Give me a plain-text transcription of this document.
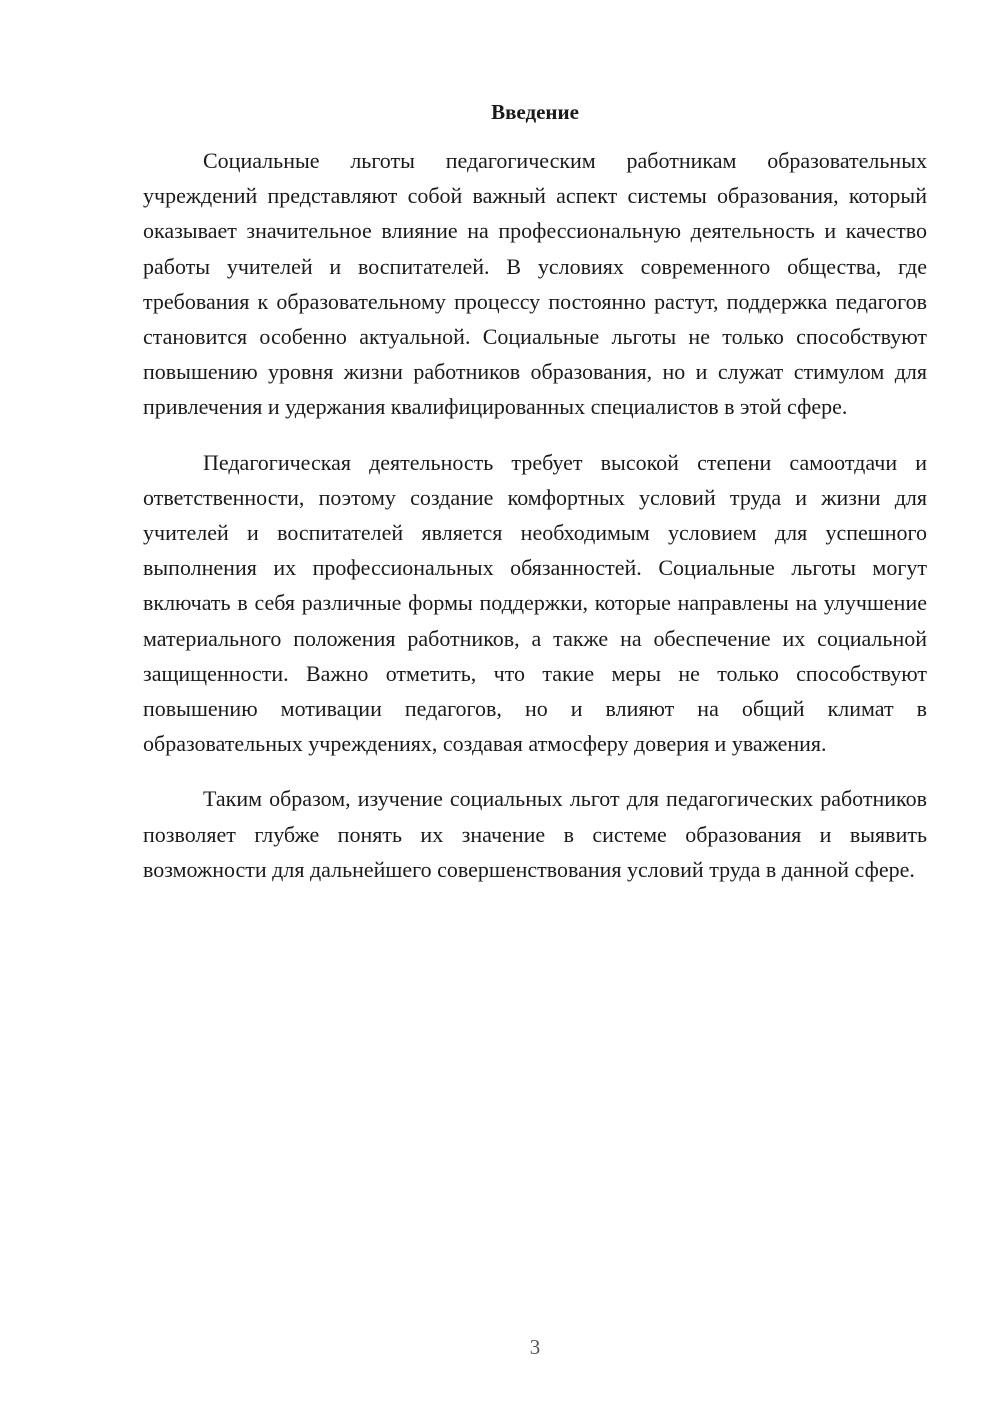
Введение

Социальные льготы педагогическим работникам образовательных учреждений представляют собой важный аспект системы образования, который оказывает значительное влияние на профессиональную деятельность и качество работы учителей и воспитателей. В условиях современного общества, где требования к образовательному процессу постоянно растут, поддержка педагогов становится особенно актуальной. Социальные льготы не только способствуют повышению уровня жизни работников образования, но и служат стимулом для привлечения и удержания квалифицированных специалистов в этой сфере.

Педагогическая деятельность требует высокой степени самоотдачи и ответственности, поэтому создание комфортных условий труда и жизни для учителей и воспитателей является необходимым условием для успешного выполнения их профессиональных обязанностей. Социальные льготы могут включать в себя различные формы поддержки, которые направлены на улучшение материального положения работников, а также на обеспечение их социальной защищенности. Важно отметить, что такие меры не только способствуют повышению мотивации педагогов, но и влияют на общий климат в образовательных учреждениях, создавая атмосферу доверия и уважения.

Таким образом, изучение социальных льгот для педагогических работников позволяет глубже понять их значение в системе образования и выявить возможности для дальнейшего совершенствования условий труда в данной сфере.

3
